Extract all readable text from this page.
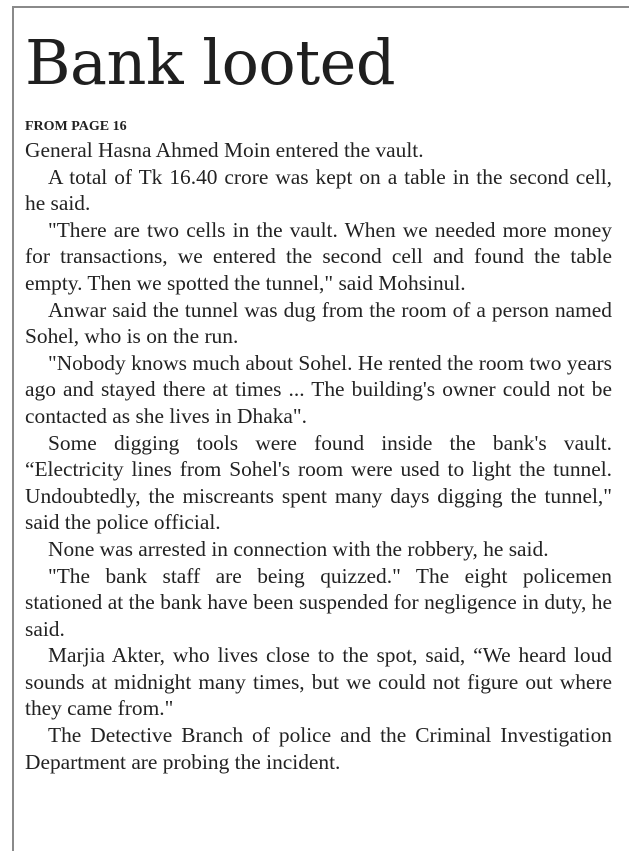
Bank looted
FROM PAGE 16

General Hasna Ahmed Moin entered the vault.

A total of Tk 16.40 crore was kept on a table in the second cell, he said.

"There are two cells in the vault. When we needed more money for transactions, we entered the second cell and found the table empty. Then we spotted the tunnel," said Mohsinul.

Anwar said the tunnel was dug from the room of a person named Sohel, who is on the run.

"Nobody knows much about Sohel. He rented the room two years ago and stayed there at times ... The building's owner could not be contacted as she lives in Dhaka".

Some digging tools were found inside the bank's vault. “Electricity lines from Sohel's room were used to light the tunnel. Undoubtedly, the miscreants spent many days digging the tunnel," said the police official.

None was arrested in connection with the robbery, he said.

"The bank staff are being quizzed." The eight policemen stationed at the bank have been suspended for negligence in duty, he said.

Marjia Akter, who lives close to the spot, said, “We heard loud sounds at midnight many times, but we could not figure out where they came from."

The Detective Branch of police and the Criminal Investigation Department are probing the incident.
